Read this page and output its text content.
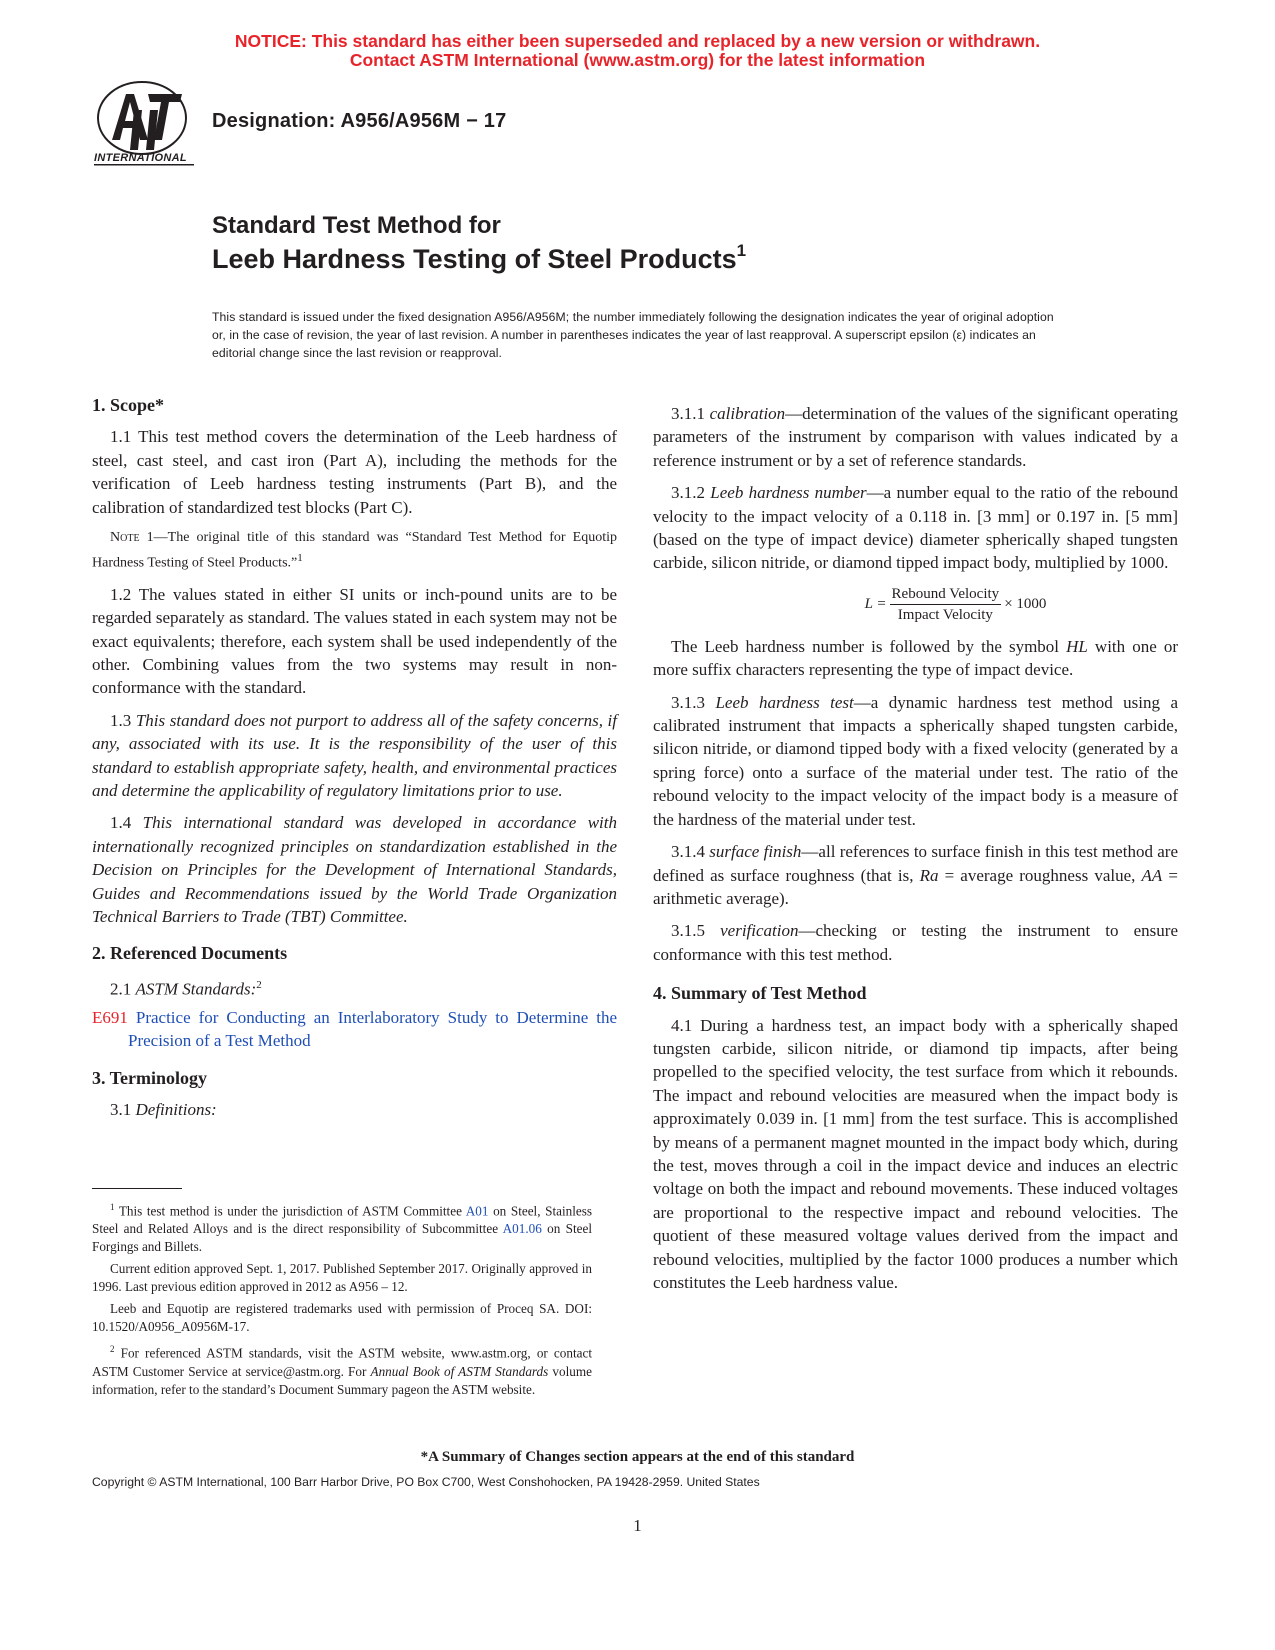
NOTICE: This standard has either been superseded and replaced by a new version or withdrawn.
Contact ASTM International (www.astm.org) for the latest information
INTERNATIONAL
Designation: A956/A956M − 17
Standard Test Method for
Leeb Hardness Testing of Steel Products$^1$
This standard is issued under the fixed designation A956/A956M; the number immediately following the designation indicates the year of original adoption or, in the case of revision, the year of last revision. A number in parentheses indicates the year of last reapproval. A superscript epsilon (ε) indicates an editorial change since the last revision or reapproval.
1. Scope*

1.1 This test method covers the determination of the Leeb hardness of steel, cast steel, and cast iron (Part A), including the methods for the verification of Leeb hardness testing instruments (Part B), and the calibration of standardized test blocks (Part C).

Note 1—The original title of this standard was “Standard Test Method for Equotip Hardness Testing of Steel Products.”$^1$

1.2 The values stated in either SI units or inch-pound units are to be regarded separately as standard. The values stated in each system may not be exact equivalents; therefore, each system shall be used independently of the other. Combining values from the two systems may result in non-conformance with the standard.

1.3 This standard does not purport to address all of the safety concerns, if any, associated with its use. It is the responsibility of the user of this standard to establish appropriate safety, health, and environmental practices and determine the applicability of regulatory limitations prior to use.

1.4 This international standard was developed in accordance with internationally recognized principles on standardization established in the Decision on Principles for the Development of International Standards, Guides and Recommendations issued by the World Trade Organization Technical Barriers to Trade (TBT) Committee.

2. Referenced Documents

2.1 ASTM Standards:$^2$

E691 Practice for Conducting an Interlaboratory Study to Determine the Precision of a Test Method

3. Terminology

3.1 Definitions:

3.1.1 calibration—determination of the values of the significant operating parameters of the instrument by comparison with values indicated by a reference instrument or by a set of reference standards.

3.1.2 Leeb hardness number—a number equal to the ratio of the rebound velocity to the impact velocity of a 0.118 in. [3 mm] or 0.197 in. [5 mm] (based on the type of impact device) diameter spherically shaped tungsten carbide, silicon nitride, or diamond tipped impact body, multiplied by 1000.

$L = \frac{\text{Rebound Velocity}}{\text{Impact Velocity}} \times 1000$

The Leeb hardness number is followed by the symbol HL with one or more suffix characters representing the type of impact device.

3.1.3 Leeb hardness test—a dynamic hardness test method using a calibrated instrument that impacts a spherically shaped tungsten carbide, silicon nitride, or diamond tipped body with a fixed velocity (generated by a spring force) onto a surface of the material under test. The ratio of the rebound velocity to the impact velocity of the impact body is a measure of the hardness of the material under test.

3.1.4 surface finish—all references to surface finish in this test method are defined as surface roughness (that is, Ra = average roughness value, AA = arithmetic average).

3.1.5 verification—checking or testing the instrument to ensure conformance with this test method.

4. Summary of Test Method

4.1 During a hardness test, an impact body with a spherically shaped tungsten carbide, silicon nitride, or diamond tip impacts, after being propelled to the specified velocity, the test surface from which it rebounds. The impact and rebound velocities are measured when the impact body is approximately 0.039 in. [1 mm] from the test surface. This is accomplished by means of a permanent magnet mounted in the impact body which, during the test, moves through a coil in the impact device and induces an electric voltage on both the impact and rebound movements. These induced voltages are proportional to the respective impact and rebound velocities. The quotient of these measured voltage values derived from the impact and rebound velocities, multiplied by the factor 1000 produces a number which constitutes the Leeb hardness value.

$^1$ This test method is under the jurisdiction of ASTM Committee A01 on Steel, Stainless Steel and Related Alloys and is the direct responsibility of Subcommittee A01.06 on Steel Forgings and Billets.

Current edition approved Sept. 1, 2017. Published September 2017. Originally approved in 1996. Last previous edition approved in 2012 as A956 – 12.

Leeb and Equotip are registered trademarks used with permission of Proceq SA. DOI: 10.1520/A0956_A0956M-17.

$^2$ For referenced ASTM standards, visit the ASTM website, www.astm.org, or contact ASTM Customer Service at service@astm.org. For Annual Book of ASTM Standards volume information, refer to the standard’s Document Summary pageon the ASTM website.

*A Summary of Changes section appears at the end of this standard
Copyright © ASTM International, 100 Barr Harbor Drive, PO Box C700, West Conshohocken, PA 19428-2959. United States
1
